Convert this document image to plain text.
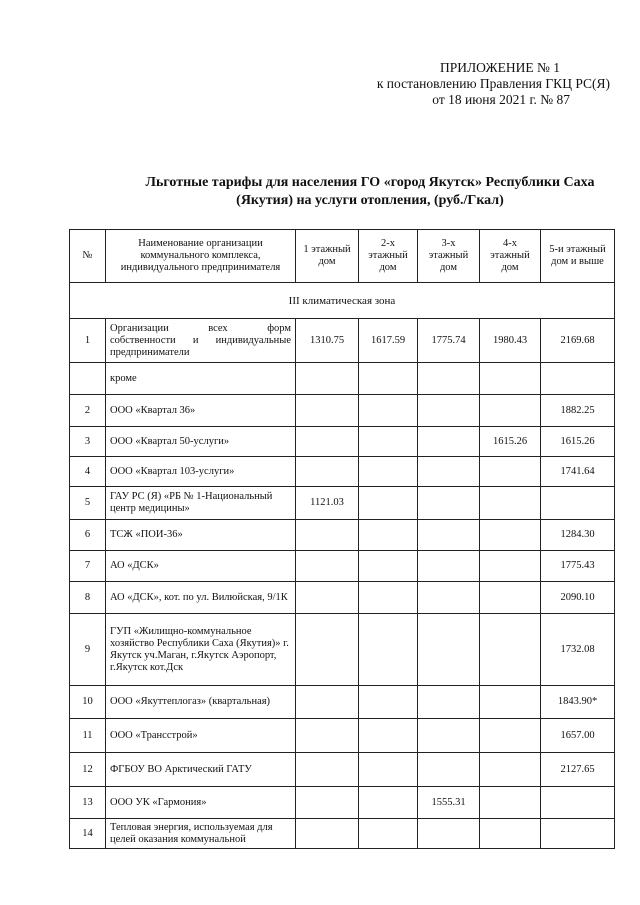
ПРИЛОЖЕНИЕ № 1
к постановлению Правления ГКЦ РС(Я)
от 18 июня 2021 г. № 87
Льготные тарифы для населения ГО «город Якутск» Республики Саха
(Якутия) на услуги отопления, (руб./Гкал)
№	Наименование организации коммунального комплекса, индивидуального предпринимателя	1 этажный дом	2-х этажный дом	3-х этажный дом	4-х этажный дом	5-и этажный дом и выше
III климатическая зона						
1	Организации всех форм
собственности и индивидуальные
предприниматели	1310.75	1617.59	1775.74	1980.43	2169.68
	кроме					
2	ООО «Квартал 36»					1882.25
3	ООО «Квартал 50-услуги»				1615.26	1615.26
4	ООО «Квартал 103-услуги»					1741.64
5	ГАУ РС (Я) «РБ № 1-Национальный центр медицины»	1121.03				
6	ТСЖ «ПОИ-36»					1284.30
7	АО «ДСК»					1775.43
8	АО «ДСК», кот. по ул. Вилюйская, 9/1К					2090.10
9	ГУП «Жилищно-коммунальное хозяйство Республики Саха (Якутия)» г. Якутск уч.Маган, г.Якутск Аэропорт, г.Якутск кот.Дск					1732.08
10	ООО «Якуттеплогаз» (квартальная)					1843.90*
11	ООО «Трансстрой»					1657.00
12	ФГБОУ ВО Арктический ГАТУ					2127.65
13	ООО УК «Гармония»			1555.31		
14	Тепловая энергия, используемая для целей оказания коммунальной					
